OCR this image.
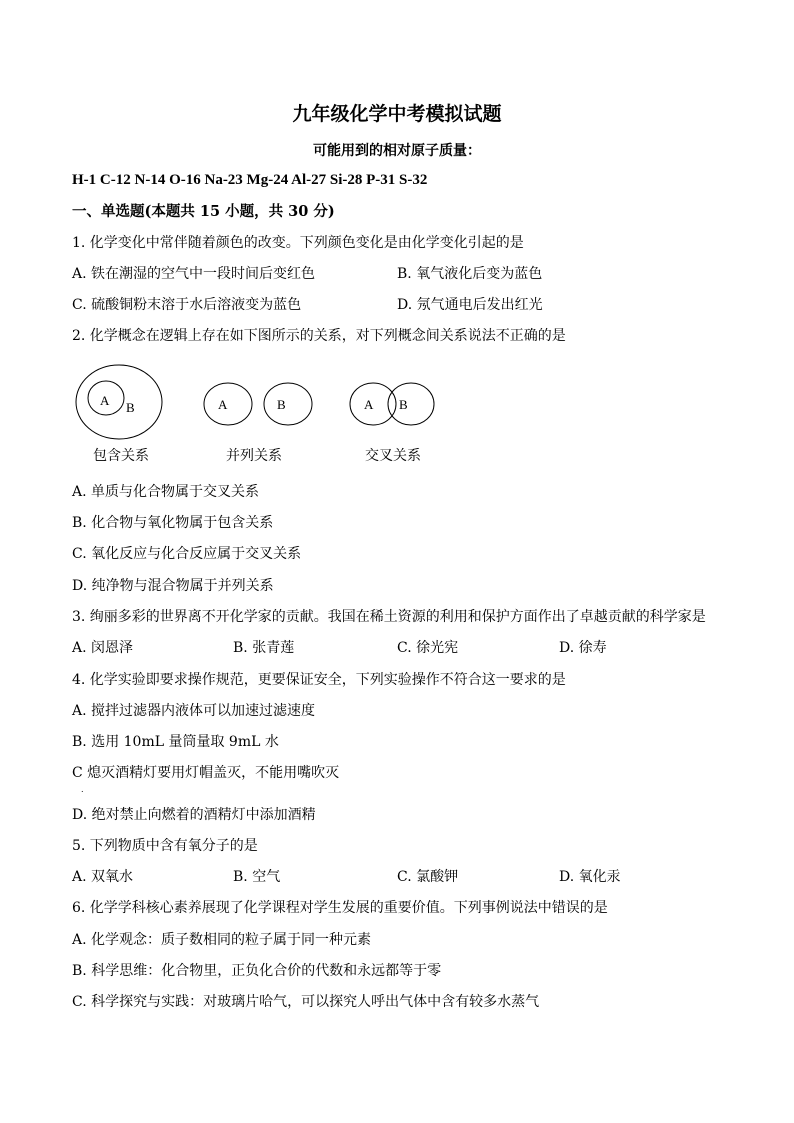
九年级化学中考模拟试题
可能用到的相对原子质量：
H-1 C-12 N-14 O-16 Na-23 Mg-24 Al-27 Si-28 P-31 S-32
一、单选题(本题共 15 小题，共 30 分)
1. 化学变化中常伴随着颜色的改变。下列颜色变化是由化学变化引起的是
A. 铁在潮湿的空气中一段时间后变红色	B. 氧气液化后变为蓝色
C. 硫酸铜粉末溶于水后溶液变为蓝色	D. 氖气通电后发出红光
2. 化学概念在逻辑上存在如下图所示的关系，对下列概念间关系说法不正确的是
A B	A	B	A B
包含关系	并列关系	交叉关系
A. 单质与化合物属于交叉关系
B. 化合物与氧化物属于包含关系
C. 氧化反应与化合反应属于交叉关系
D. 纯净物与混合物属于并列关系
3. 绚丽多彩的世界离不开化学家的贡献。我国在稀土资源的利用和保护方面作出了卓越贡献的科学家是
A. 闵恩泽	B. 张青莲	C. 徐光宪	D. 徐寿
4. 化学实验即要求操作规范，更要保证安全，下列实验操作不符合这一要求的是
A. 搅拌过滤器内液体可以加速过滤速度
B. 选用 10mL 量筒量取 9mL 水
C 熄灭酒精灯要用灯帽盖灭，不能用嘴吹灭
.
D. 绝对禁止向燃着的酒精灯中添加酒精
5. 下列物质中含有氧分子的是
A. 双氧水	B. 空气	C. 氯酸钾	D. 氧化汞
6. 化学学科核心素养展现了化学课程对学生发展的重要价值。下列事例说法中错误的是
A. 化学观念：质子数相同的粒子属于同一种元素
B. 科学思维：化合物里，正负化合价的代数和永远都等于零
C. 科学探究与实践：对玻璃片哈气，可以探究人呼出气体中含有较多水蒸气
